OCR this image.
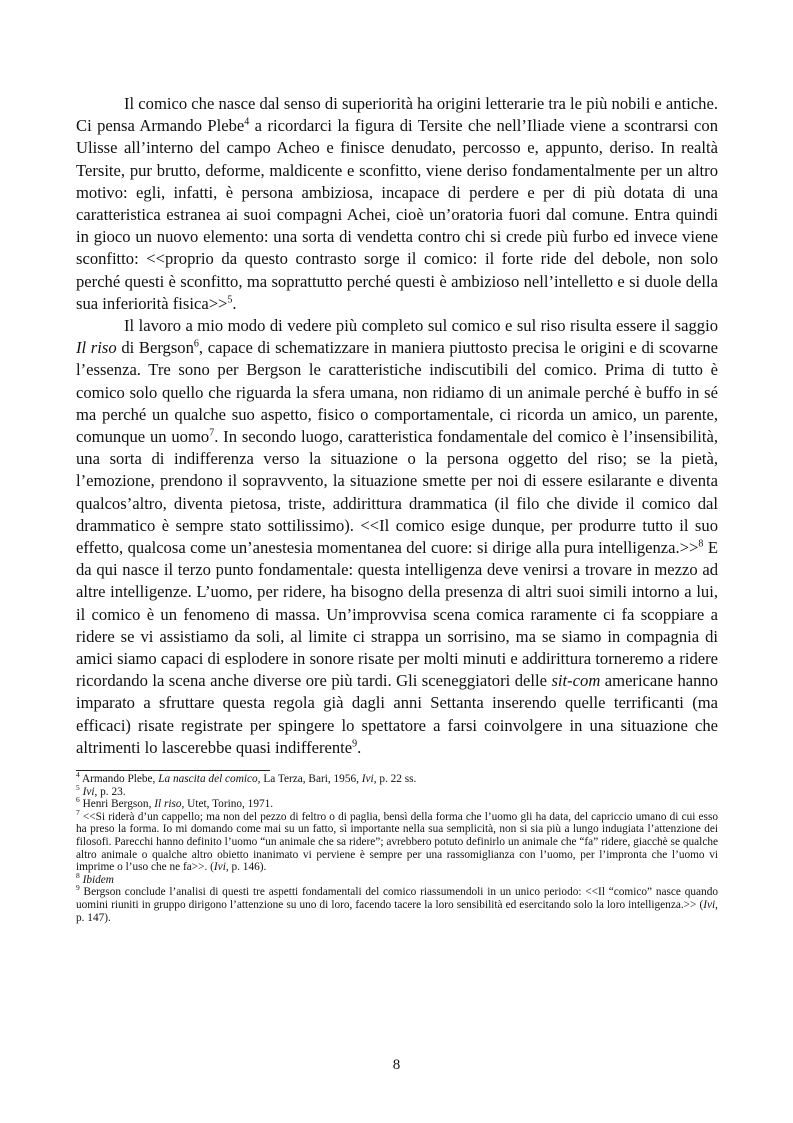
Il comico che nasce dal senso di superiorità ha origini letterarie tra le più nobili e antiche. Ci pensa Armando Plebe$^4$ a ricordarci la figura di Tersite che nell’Iliade viene a scontrarsi con Ulisse all’interno del campo Acheo e finisce denudato, percosso e, appunto, deriso. In realtà Tersite, pur brutto, deforme, maldicente e sconfitto, viene deriso fondamentalmente per un altro motivo: egli, infatti, è persona ambiziosa, incapace di perdere e per di più dotata di una caratteristica estranea ai suoi compagni Achei, cioè un’oratoria fuori dal comune. Entra quindi in gioco un nuovo elemento: una sorta di vendetta contro chi si crede più furbo ed invece viene sconfitto: <<proprio da questo contrasto sorge il comico: il forte ride del debole, non solo perché questi è sconfitto, ma soprattutto perché questi è ambizioso nell’intelletto e si duole della sua inferiorità fisica>>$^5$.

Il lavoro a mio modo di vedere più completo sul comico e sul riso risulta essere il saggio Il riso di Bergson$^6$, capace di schematizzare in maniera piuttosto precisa le origini e di scovarne l’essenza. Tre sono per Bergson le caratteristiche indiscutibili del comico. Prima di tutto è comico solo quello che riguarda la sfera umana, non ridiamo di un animale perché è buffo in sé ma perché un qualche suo aspetto, fisico o comportamentale, ci ricorda un amico, un parente, comunque un uomo$^7$. In secondo luogo, caratteristica fondamentale del comico è l’insensibilità, una sorta di indifferenza verso la situazione o la persona oggetto del riso; se la pietà, l’emozione, prendono il sopravvento, la situazione smette per noi di essere esilarante e diventa qualcos’altro, diventa pietosa, triste, addirittura drammatica (il filo che divide il comico dal drammatico è sempre stato sottilissimo). <<Il comico esige dunque, per produrre tutto il suo effetto, qualcosa come un’anestesia momentanea del cuore: si dirige alla pura intelligenza.>>$^8$ E da qui nasce il terzo punto fondamentale: questa intelligenza deve venirsi a trovare in mezzo ad altre intelligenze. L’uomo, per ridere, ha bisogno della presenza di altri suoi simili intorno a lui, il comico è un fenomeno di massa. Un’improvvisa scena comica raramente ci fa scoppiare a ridere se vi assistiamo da soli, al limite ci strappa un sorrisino, ma se siamo in compagnia di amici siamo capaci di esplodere in sonore risate per molti minuti e addirittura torneremo a ridere ricordando la scena anche diverse ore più tardi. Gli sceneggiatori delle sit-com americane hanno imparato a sfruttare questa regola già dagli anni Settanta inserendo quelle terrificanti (ma efficaci) risate registrate per spingere lo spettatore a farsi coinvolgere in una situazione che altrimenti lo lascerebbe quasi indifferente$^9$.

$^4$ Armando Plebe, La nascita del comico, La Terza, Bari, 1956, Ivi, p. 22 ss.

$^5$ Ivi, p. 23.

$^6$ Henri Bergson, Il riso, Utet, Torino, 1971.

$^7$ <<Si riderà d’un cappello; ma non del pezzo di feltro o di paglia, bensì della forma che l’uomo gli ha data, del capriccio umano di cui esso ha preso la forma. Io mi domando come mai su un fatto, sì importante nella sua semplicità, non si sia più a lungo indugiata l’attenzione dei filosofi. Parecchi hanno definito l’uomo “un animale che sa ridere”; avrebbero potuto definirlo un animale che “fa” ridere, giacchè se qualche altro animale o qualche altro obietto inanimato vi perviene è sempre per una rassomiglianza con l’uomo, per l’impronta che l’uomo vi imprime o l’uso che ne fa>>. (Ivi, p. 146).

$^8$ Ibidem

$^9$ Bergson conclude l’analisi di questi tre aspetti fondamentali del comico riassumendoli in un unico periodo: <<Il “comico” nasce quando uomini riuniti in gruppo dirigono l’attenzione su uno di loro, facendo tacere la loro sensibilità ed esercitando solo la loro intelligenza.>> (Ivi, p. 147).

8
